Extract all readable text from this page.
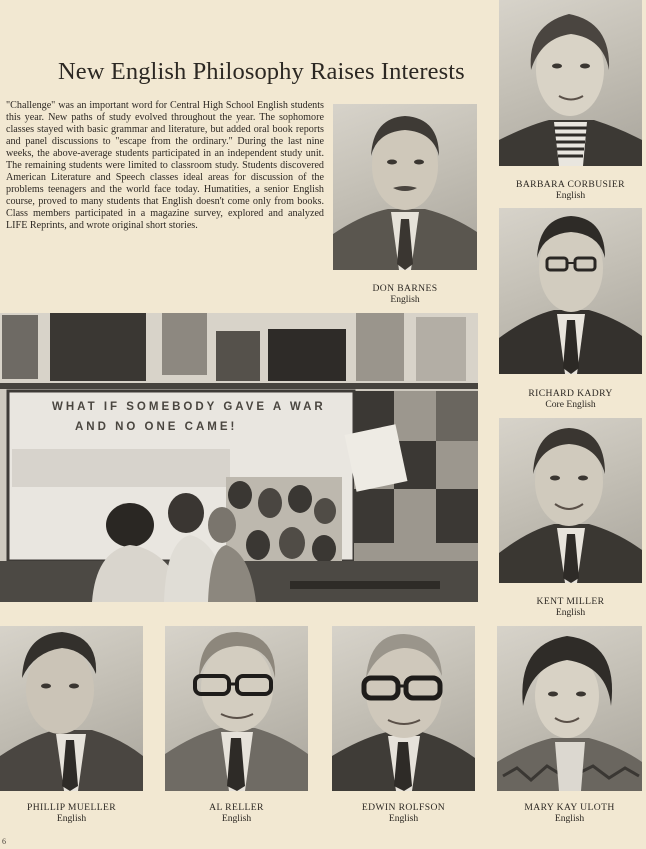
New English Philosophy Raises Interests

"Challenge" was an important word for Central High School English students this year. New paths of study evolved throughout the year. The sophomore classes stayed with basic grammar and literature, but added oral book reports and panel discussions to "escape from the ordinary." During the last nine weeks, the above-average students participated in an independent study unit. The remaining students were limited to classroom study. Students discovered American Literature and Speech classes ideal areas for discussion of the problems teenagers and the world face today. Humatities, a senior English course, proved to many students that English doesn't come only from books. Class members participated in a magazine survey, explored and analyzed LIFE Reprints, and wrote original short stories.

BARBARA CORBUSIER
English
DON BARNES
English
RICHARD KADRY
Core English
KENT MILLER
English
WHAT IF SOMEBODY GAVE A WAR
AND NO ONE CAME!
PHILLIP MUELLER
English
AL RELLER
English
EDWIN ROLFSON
English
MARY KAY ULOTH
English
6
